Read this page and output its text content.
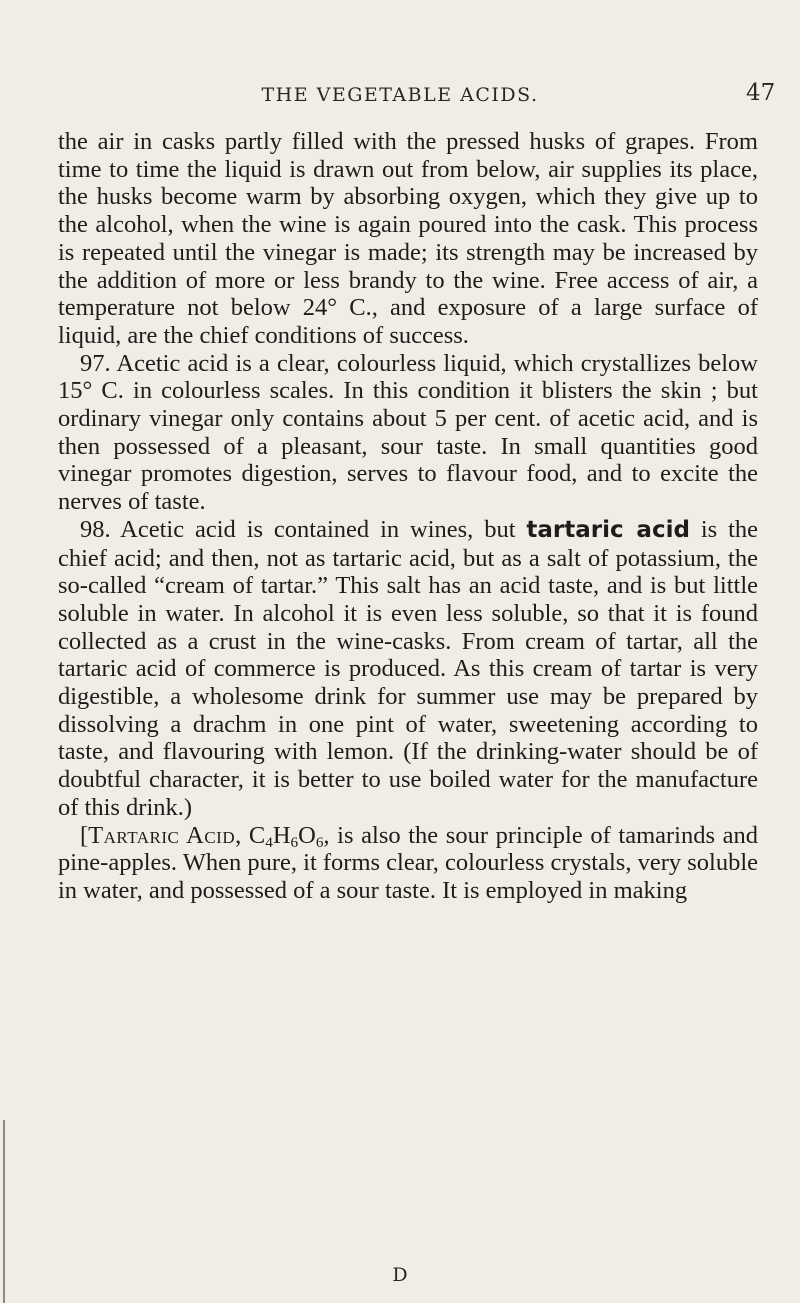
THE VEGETABLE ACIDS.	47

the air in casks partly filled with the pressed husks of grapes. From time to time the liquid is drawn out from below, air supplies its place, the husks become warm by absorbing oxygen, which they give up to the alcohol, when the wine is again poured into the cask. This process is repeated until the vinegar is made; its strength may be increased by the addition of more or less brandy to the wine. Free access of air, a temperature not below 24° C., and exposure of a large surface of liquid, are the chief conditions of success.

97. Acetic acid is a clear, colourless liquid, which crystallizes below 15° C. in colourless scales. In this condition it blisters the skin ; but ordinary vinegar only contains about 5 per cent. of acetic acid, and is then possessed of a pleasant, sour taste. In small quantities good vinegar promotes digestion, serves to flavour food, and to excite the nerves of taste.

98. Acetic acid is contained in wines, but tartaric acid is the chief acid; and then, not as tartaric acid, but as a salt of potassium, the so-called “cream of tartar.” This salt has an acid taste, and is but little soluble in water. In alcohol it is even less soluble, so that it is found collected as a crust in the wine-casks. From cream of tartar, all the tartaric acid of commerce is produced. As this cream of tartar is very digestible, a wholesome drink for summer use may be prepared by dissolving a drachm in one pint of water, sweetening according to taste, and flavouring with lemon. (If the drinking-water should be of doubtful character, it is better to use boiled water for the manufacture of this drink.)

[Tartaric Acid, $C_4H_6O_6$, is also the sour principle of tamarinds and pine-apples. When pure, it forms clear, colourless crystals, very soluble in water, and possessed of a sour taste. It is employed in making

D
